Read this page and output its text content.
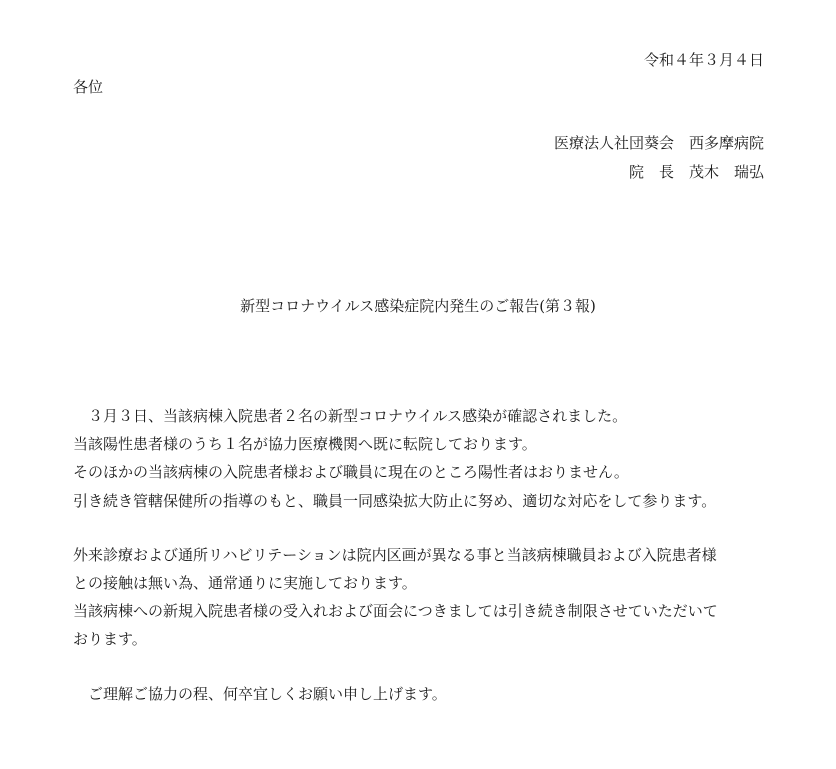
令和４年３月４日
各位
医療法人社団葵会　西多摩病院
院　長　茂木　瑞弘
新型コロナウイルス感染症院内発生のご報告(第３報)
３月３日、当該病棟入院患者２名の新型コロナウイルス感染が確認されました。
当該陽性患者様のうち１名が協力医療機関へ既に転院しております。
そのほかの当該病棟の入院患者様および職員に現在のところ陽性者はおりません。
引き続き管轄保健所の指導のもと、職員一同感染拡大防止に努め、適切な対応をして参ります。
外来診療および通所リハビリテーションは院内区画が異なる事と当該病棟職員および入院患者様
との接触は無い為、通常通りに実施しております。
当該病棟への新規入院患者様の受入れおよび面会につきましては引き続き制限させていただいて
おります。
ご理解ご協力の程、何卒宜しくお願い申し上げます。
